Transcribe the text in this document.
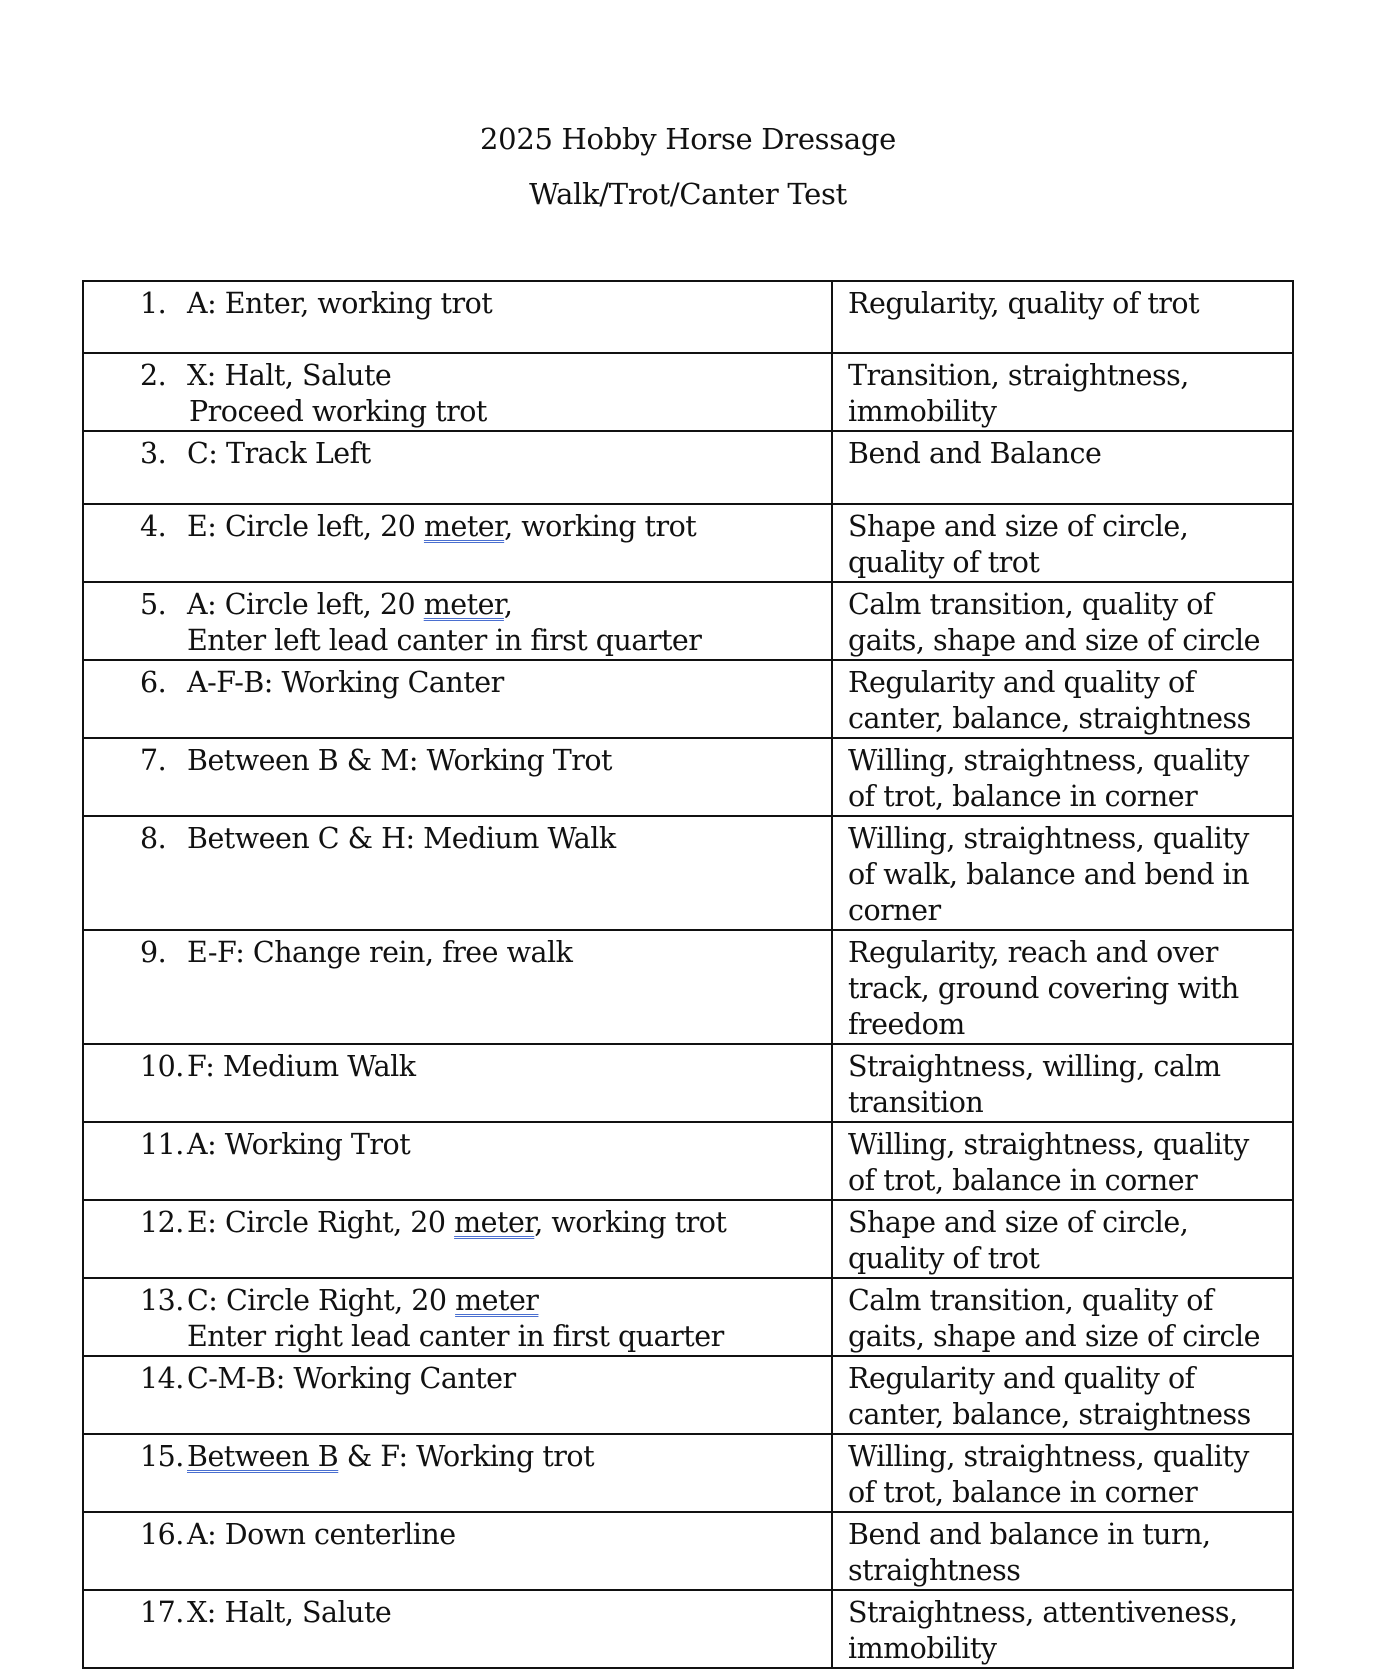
2025 Hobby Horse Dressage
Walk/Trot/Canter Test
1. A: Enter, working trot	Regularity, quality of trot

2. X: Halt, Salute
Proceed working trot	Transition, straightness, immobility

3. C: Track Left	Bend and Balance

4. E: Circle left, 20 meter, working trot	Shape and size of circle, quality of trot

5. A: Circle left, 20 meter,
Enter left lead canter in first quarter	Calm transition, quality of gaits, shape and size of circle

6. A-F-B: Working Canter	Regularity and quality of canter, balance, straightness

7. Between B & M: Working Trot	Willing, straightness, quality of trot, balance in corner

8. Between C & H: Medium Walk	Willing, straightness, quality of walk, balance and bend in corner

9. E-F: Change rein, free walk	Regularity, reach and over track, ground covering with freedom

10. F: Medium Walk	Straightness, willing, calm transition

11. A: Working Trot	Willing, straightness, quality of trot, balance in corner

12. E: Circle Right, 20 meter, working trot	Shape and size of circle, quality of trot

13. C: Circle Right, 20 meter
Enter right lead canter in first quarter	Calm transition, quality of gaits, shape and size of circle

14. C-M-B: Working Canter	Regularity and quality of canter, balance, straightness

15. Between B & F: Working trot	Willing, straightness, quality of trot, balance in corner

16. A: Down centerline	Bend and balance in turn, straightness

17. X: Halt, Salute	Straightness, attentiveness, immobility
